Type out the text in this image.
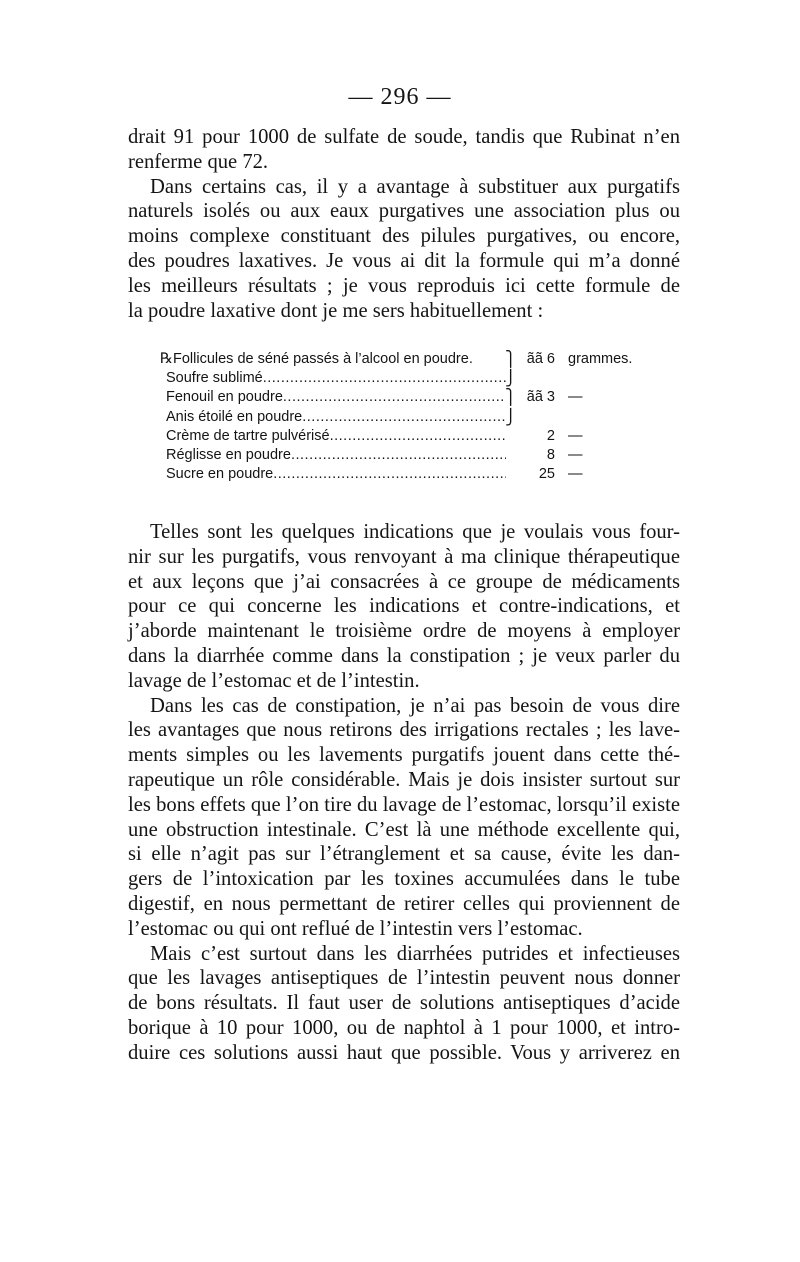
— 296 —
drait 91 pour 1000 de sulfate de soude, tandis que Rubinat n’en
renferme que 72.
Dans certains cas, il y a avantage à substituer aux purgatifs
naturels isolés ou aux eaux purgatives une association plus ou
moins complexe constituant des pilules purgatives, ou encore,
des poudres laxatives. Je vous ai dit la formule qui m’a donné
les meilleurs résultats ; je vous reproduis ici cette formule de
la poudre laxative dont je me sers habituellement :
℞Follicules de séné passés à l’alcool en poudre.	⎫ ãã 6 grammes.
Soufre sublimé .....	⎭
Fenouil en poudre .....	⎫ ãã 3 —
Anis étoilé en poudre .....	⎭
Crème de tartre pulvérisé .....	2 —
Réglisse en poudre .....	8 —
Sucre en poudre .....	25 —
Telles sont les quelques indications que je voulais vous four-
nir sur les purgatifs, vous renvoyant à ma clinique thérapeutique
et aux leçons que j’ai consacrées à ce groupe de médicaments
pour ce qui concerne les indications et contre-indications, et
j’aborde maintenant le troisième ordre de moyens à employer
dans la diarrhée comme dans la constipation ; je veux parler du
lavage de l’estomac et de l’intestin.
Dans les cas de constipation, je n’ai pas besoin de vous dire
les avantages que nous retirons des irrigations rectales ; les lave-
ments simples ou les lavements purgatifs jouent dans cette thé-
rapeutique un rôle considérable. Mais je dois insister surtout sur
les bons effets que l’on tire du lavage de l’estomac, lorsqu’il existe
une obstruction intestinale. C’est là une méthode excellente qui,
si elle n’agit pas sur l’étranglement et sa cause, évite les dan-
gers de l’intoxication par les toxines accumulées dans le tube
digestif, en nous permettant de retirer celles qui proviennent de
l’estomac ou qui ont reflué de l’intestin vers l’estomac.
Mais c’est surtout dans les diarrhées putrides et infectieuses
que les lavages antiseptiques de l’intestin peuvent nous donner
de bons résultats. Il faut user de solutions antiseptiques d’acide
borique à 10 pour 1000, ou de naphtol à 1 pour 1000, et intro-
duire ces solutions aussi haut que possible. Vous y arriverez en
